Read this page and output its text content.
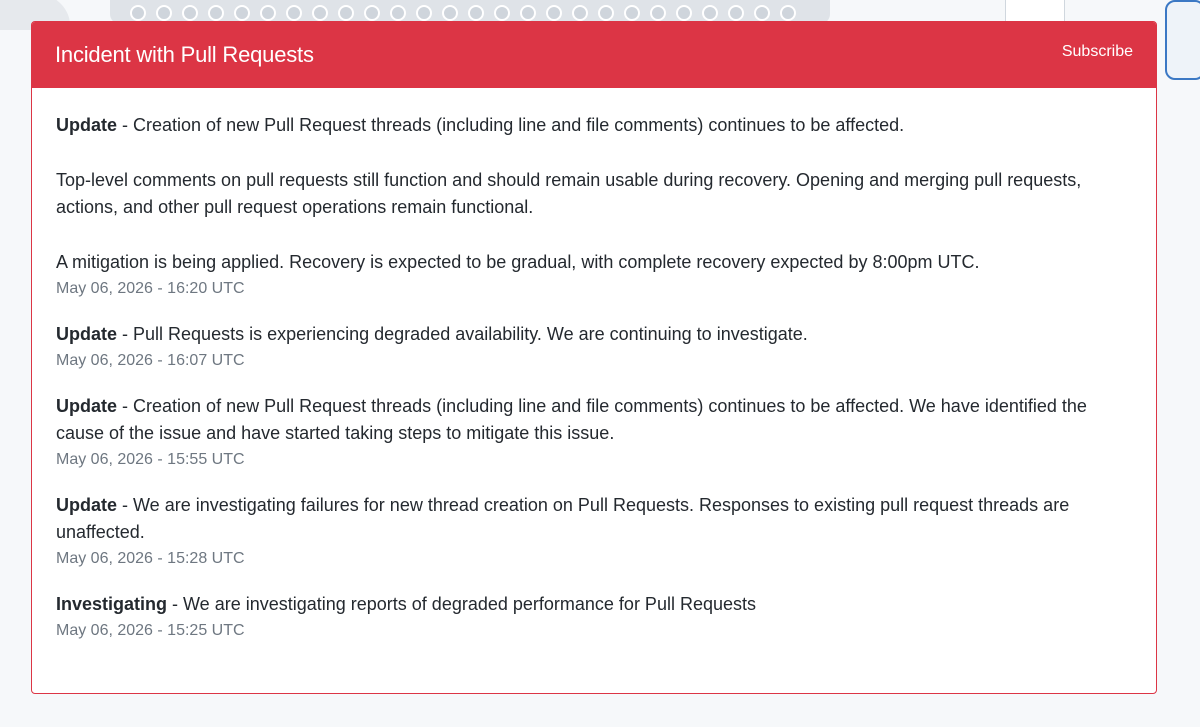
Incident with Pull Requests	Subscribe
Update - Creation of new Pull Request threads (including line and file comments) continues to be affected.

Top-level comments on pull requests still function and should remain usable during recovery. Opening and merging pull requests, actions, and other pull request operations remain functional.

A mitigation is being applied. Recovery is expected to be gradual, with complete recovery expected by 8:00pm UTC.

May 06, 2026 - 16:20 UTC
Update - Pull Requests is experiencing degraded availability. We are continuing to investigate.
May 06, 2026 - 16:07 UTC
Update - Creation of new Pull Request threads (including line and file comments) continues to be affected. We have identified the cause of the issue and have started taking steps to mitigate this issue.
May 06, 2026 - 15:55 UTC
Update - We are investigating failures for new thread creation on Pull Requests. Responses to existing pull request threads are unaffected.
May 06, 2026 - 15:28 UTC
Investigating - We are investigating reports of degraded performance for Pull Requests
May 06, 2026 - 15:25 UTC
